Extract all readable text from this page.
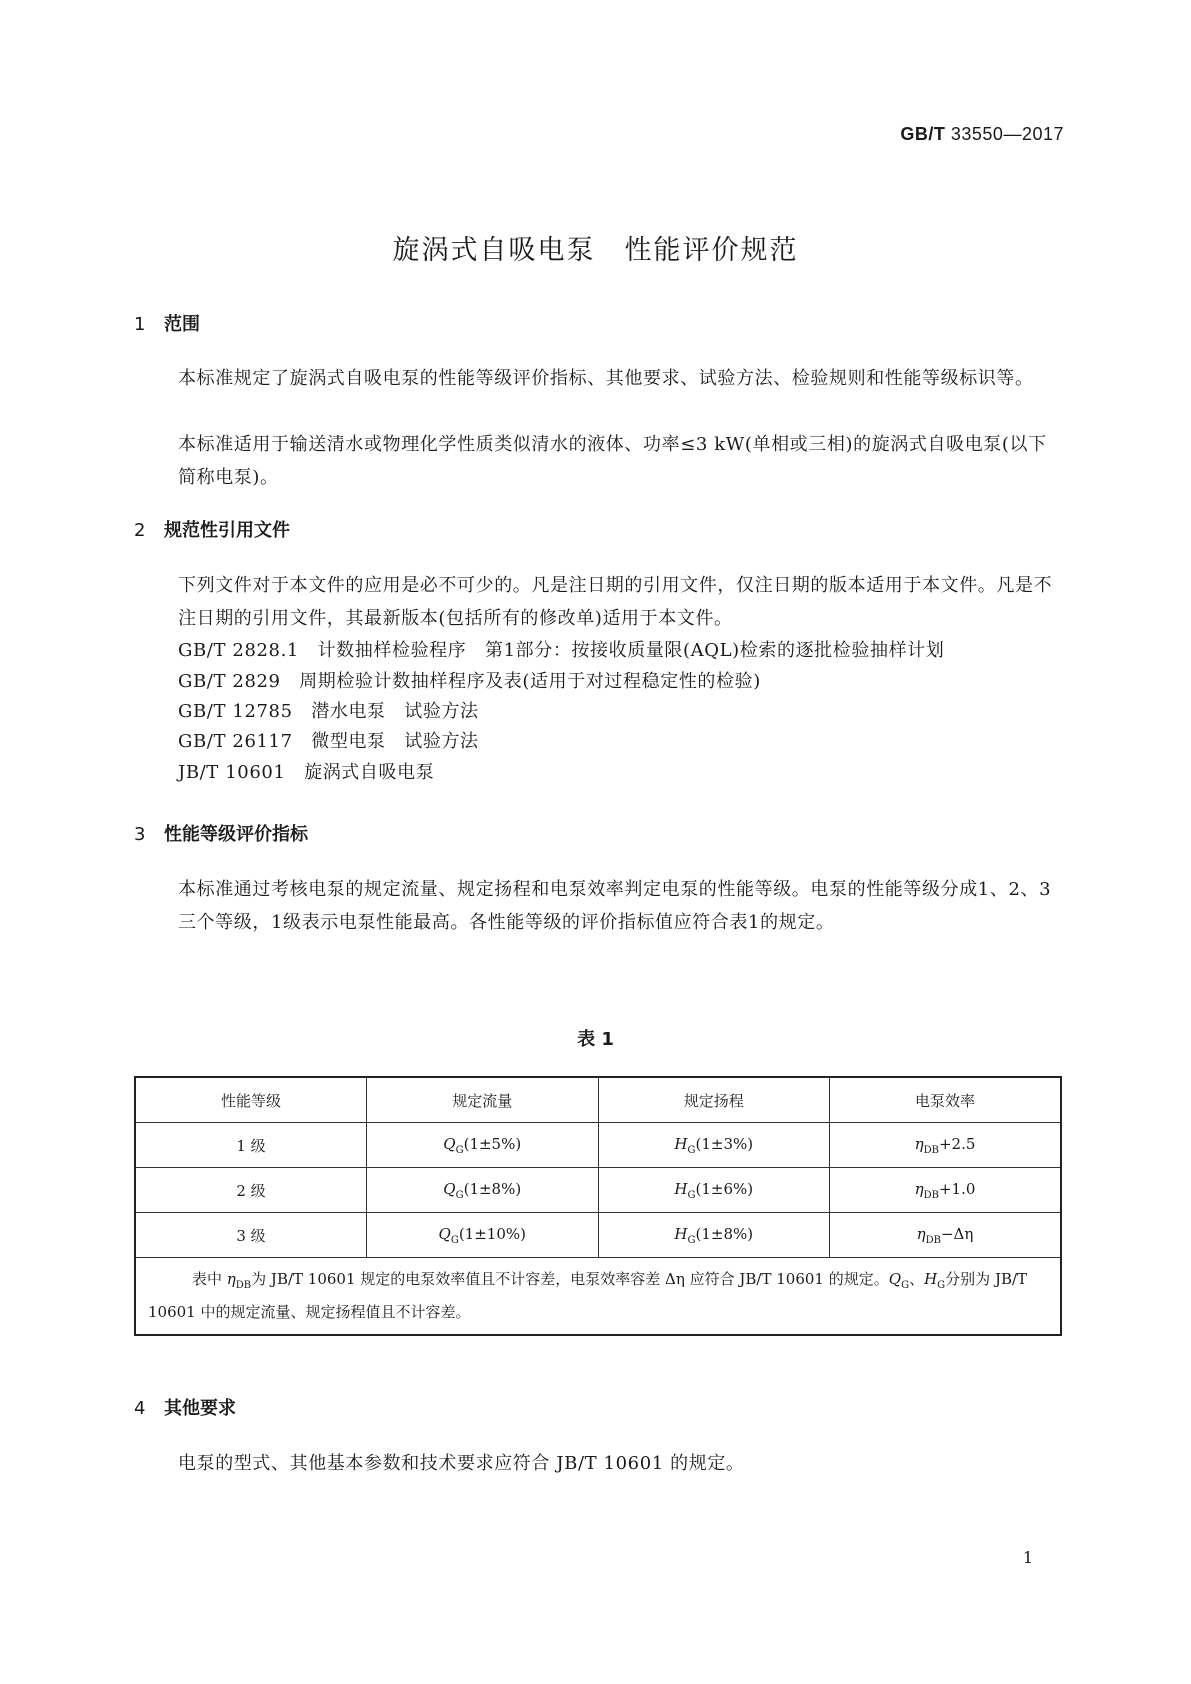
GB/T 33550—2017
旋涡式自吸电泵　性能评价规范
1 范围
本标准规定了旋涡式自吸电泵的性能等级评价指标、其他要求、试验方法、检验规则和性能等级标识等。
本标准适用于输送清水或物理化学性质类似清水的液体、功率≤3 kW(单相或三相)的旋涡式自吸电泵(以下简称电泵)。
2 规范性引用文件
下列文件对于本文件的应用是必不可少的。凡是注日期的引用文件，仅注日期的版本适用于本文件。凡是不注日期的引用文件，其最新版本(包括所有的修改单)适用于本文件。
GB/T 2828.1　计数抽样检验程序　第1部分：按接收质量限(AQL)检索的逐批检验抽样计划
GB/T 2829　周期检验计数抽样程序及表(适用于对过程稳定性的检验)
GB/T 12785　潜水电泵　试验方法
GB/T 26117　微型电泵　试验方法
JB/T 10601　旋涡式自吸电泵
3 性能等级评价指标
本标准通过考核电泵的规定流量、规定扬程和电泵效率判定电泵的性能等级。电泵的性能等级分成1、2、3三个等级，1级表示电泵性能最高。各性能等级的评价指标值应符合表1的规定。
表 1
性能等级	规定流量	规定扬程	电泵效率
1 级	$Q_G(1\pm 5\%)$	$H_G(1\pm 3\%)$	$\eta_{DB}+2.5$
2 级	$Q_G(1\pm 8\%)$	$H_G(1\pm 6\%)$	$\eta_{DB}+1.0$
3 级	$Q_G(1\pm 10\%)$	$H_G(1\pm 8\%)$	$\eta_{DB}-\Delta\eta$
表中 $\eta_{DB}$为 JB/T 10601 规定的电泵效率值且不计容差，电泵效率容差 Δη 应符合 JB/T 10601 的规定。$Q_G$、$H_G$分别为 JB/T 10601 中的规定流量、规定扬程值且不计容差。			
4 其他要求
电泵的型式、其他基本参数和技术要求应符合 JB/T 10601 的规定。
1
